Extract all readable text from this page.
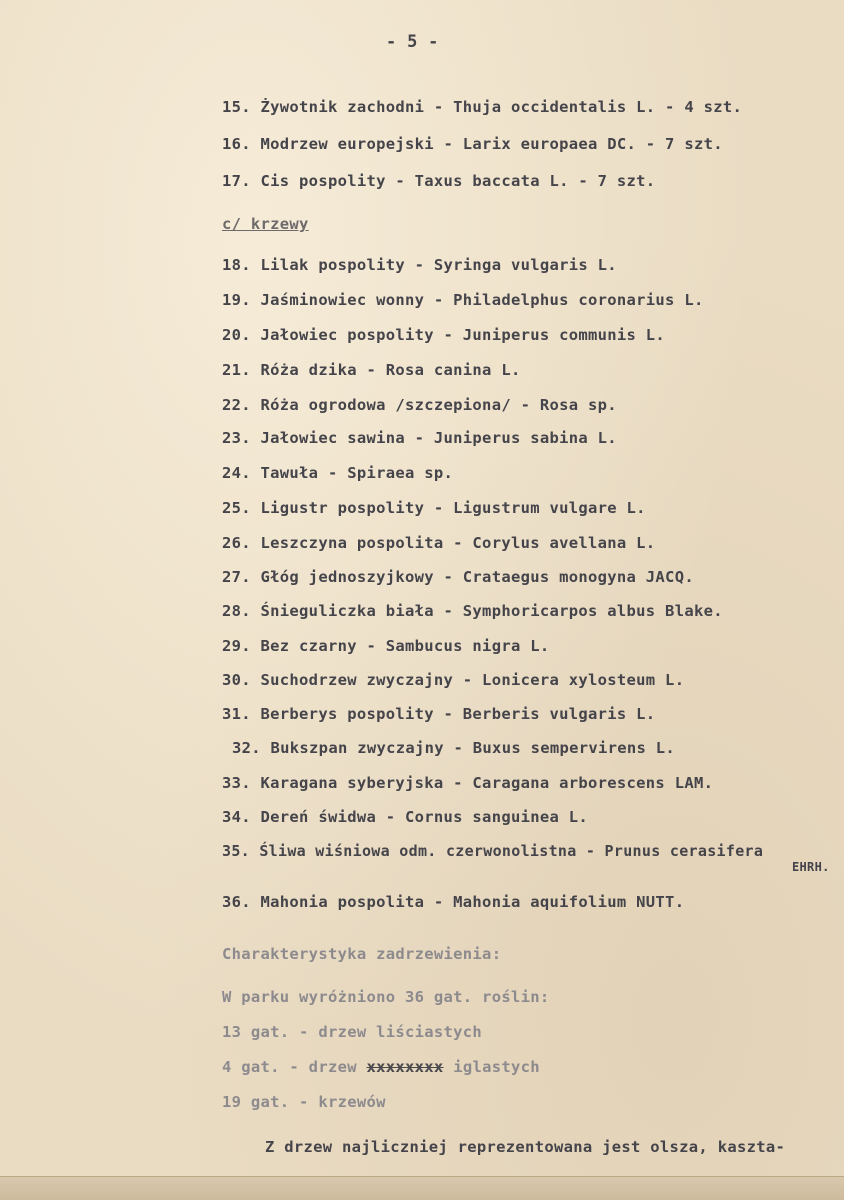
- 5 -
15. Żywotnik zachodni - Thuja occidentalis L. - 4 szt.
16. Modrzew europejski - Larix europaea DC. - 7 szt.
17. Cis pospolity - Taxus baccata L. - 7 szt.
c/ krzewy
18. Lilak pospolity - Syringa vulgaris L.
19. Jaśminowiec wonny - Philadelphus coronarius L.
20. Jałowiec pospolity - Juniperus communis L.
21. Róża dzika - Rosa canina L.
22. Róża ogrodowa /szczepiona/ - Rosa sp.
23. Jałowiec sawina - Juniperus sabina L.
24. Tawuła - Spiraea sp.
25. Ligustr pospolity - Ligustrum vulgare L.
26. Leszczyna pospolita - Corylus avellana L.
27. Głóg jednoszyjkowy - Crataegus monogyna JACQ.
28. Śnieguliczka biała - Symphoricarpos albus Blake.
29. Bez czarny - Sambucus nigra L.
30. Suchodrzew zwyczajny - Lonicera xylosteum L.
31. Berberys pospolity - Berberis vulgaris L.
32. Bukszpan zwyczajny - Buxus sempervirens L.
33. Karagana syberyjska - Caragana arborescens LAM.
34. Dereń świdwa - Cornus sanguinea L.
35. Śliwa wiśniowa odm. czerwonolistna - Prunus cerasifera
EHRH.
36. Mahonia pospolita - Mahonia aquifolium NUTT.
Charakterystyka zadrzewienia:
W parku wyróżniono 36 gat. roślin:
13 gat. - drzew liściastych
4 gat. - drzew xxxxxxxx iglastych
19 gat. - krzewów
Z drzew najliczniej reprezentowana jest olsza, kaszta-
